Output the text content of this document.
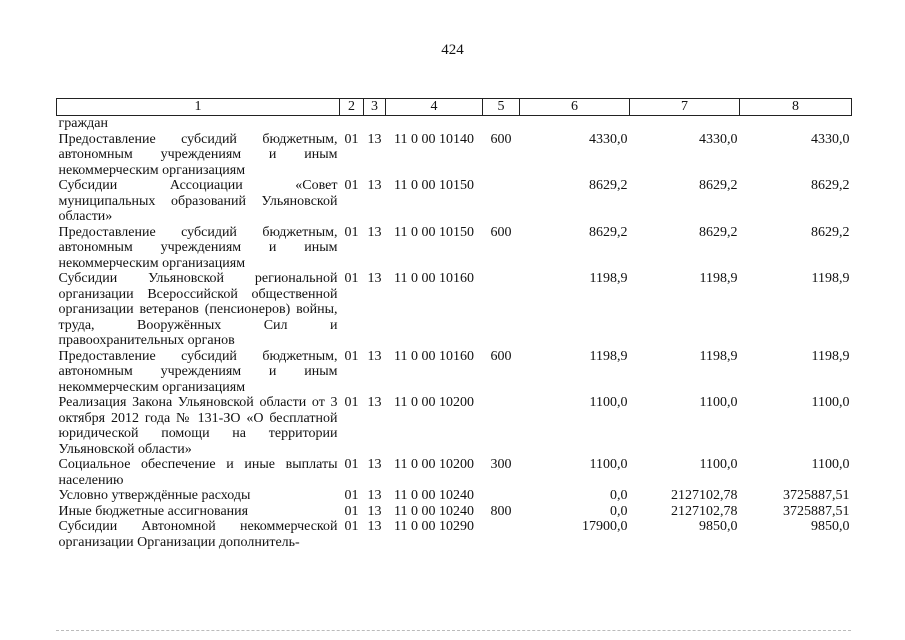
424
1	2	3	4	5	6	7	8
граждан							
Предоставление субсидий бюджетным, автономным учреждениям и иным некоммерческим организациям	01	13	11 0 00 10140	600	4330,0	4330,0	4330,0
Субсидии Ассоциации «Совет муниципальных образований Ульяновской области»	01	13	11 0 00 10150		8629,2	8629,2	8629,2
Предоставление субсидий бюджетным, автономным учреждениям и иным некоммерческим организациям	01	13	11 0 00 10150	600	8629,2	8629,2	8629,2
Субсидии Ульяновской региональной организации Всероссийской общественной организации ветеранов (пенсионеров) войны, труда, Вооружённых Сил и правоохранительных органов	01	13	11 0 00 10160		1198,9	1198,9	1198,9
Предоставление субсидий бюджетным, автономным учреждениям и иным некоммерческим организациям	01	13	11 0 00 10160	600	1198,9	1198,9	1198,9
Реализация Закона Ульяновской области от 3 октября 2012 года № 131-ЗО «О бесплатной юридической помощи на территории Ульяновской области»	01	13	11 0 00 10200		1100,0	1100,0	1100,0
Социальное обеспечение и иные выплаты населению	01	13	11 0 00 10200	300	1100,0	1100,0	1100,0
Условно утверждённые расходы	01	13	11 0 00 10240		0,0	2127102,78	3725887,51
Иные бюджетные ассигнования	01	13	11 0 00 10240	800	0,0	2127102,78	3725887,51
Субсидии Автономной некоммерческой организации Организации дополнитель-	01	13	11 0 00 10290		17900,0	9850,0	9850,0
